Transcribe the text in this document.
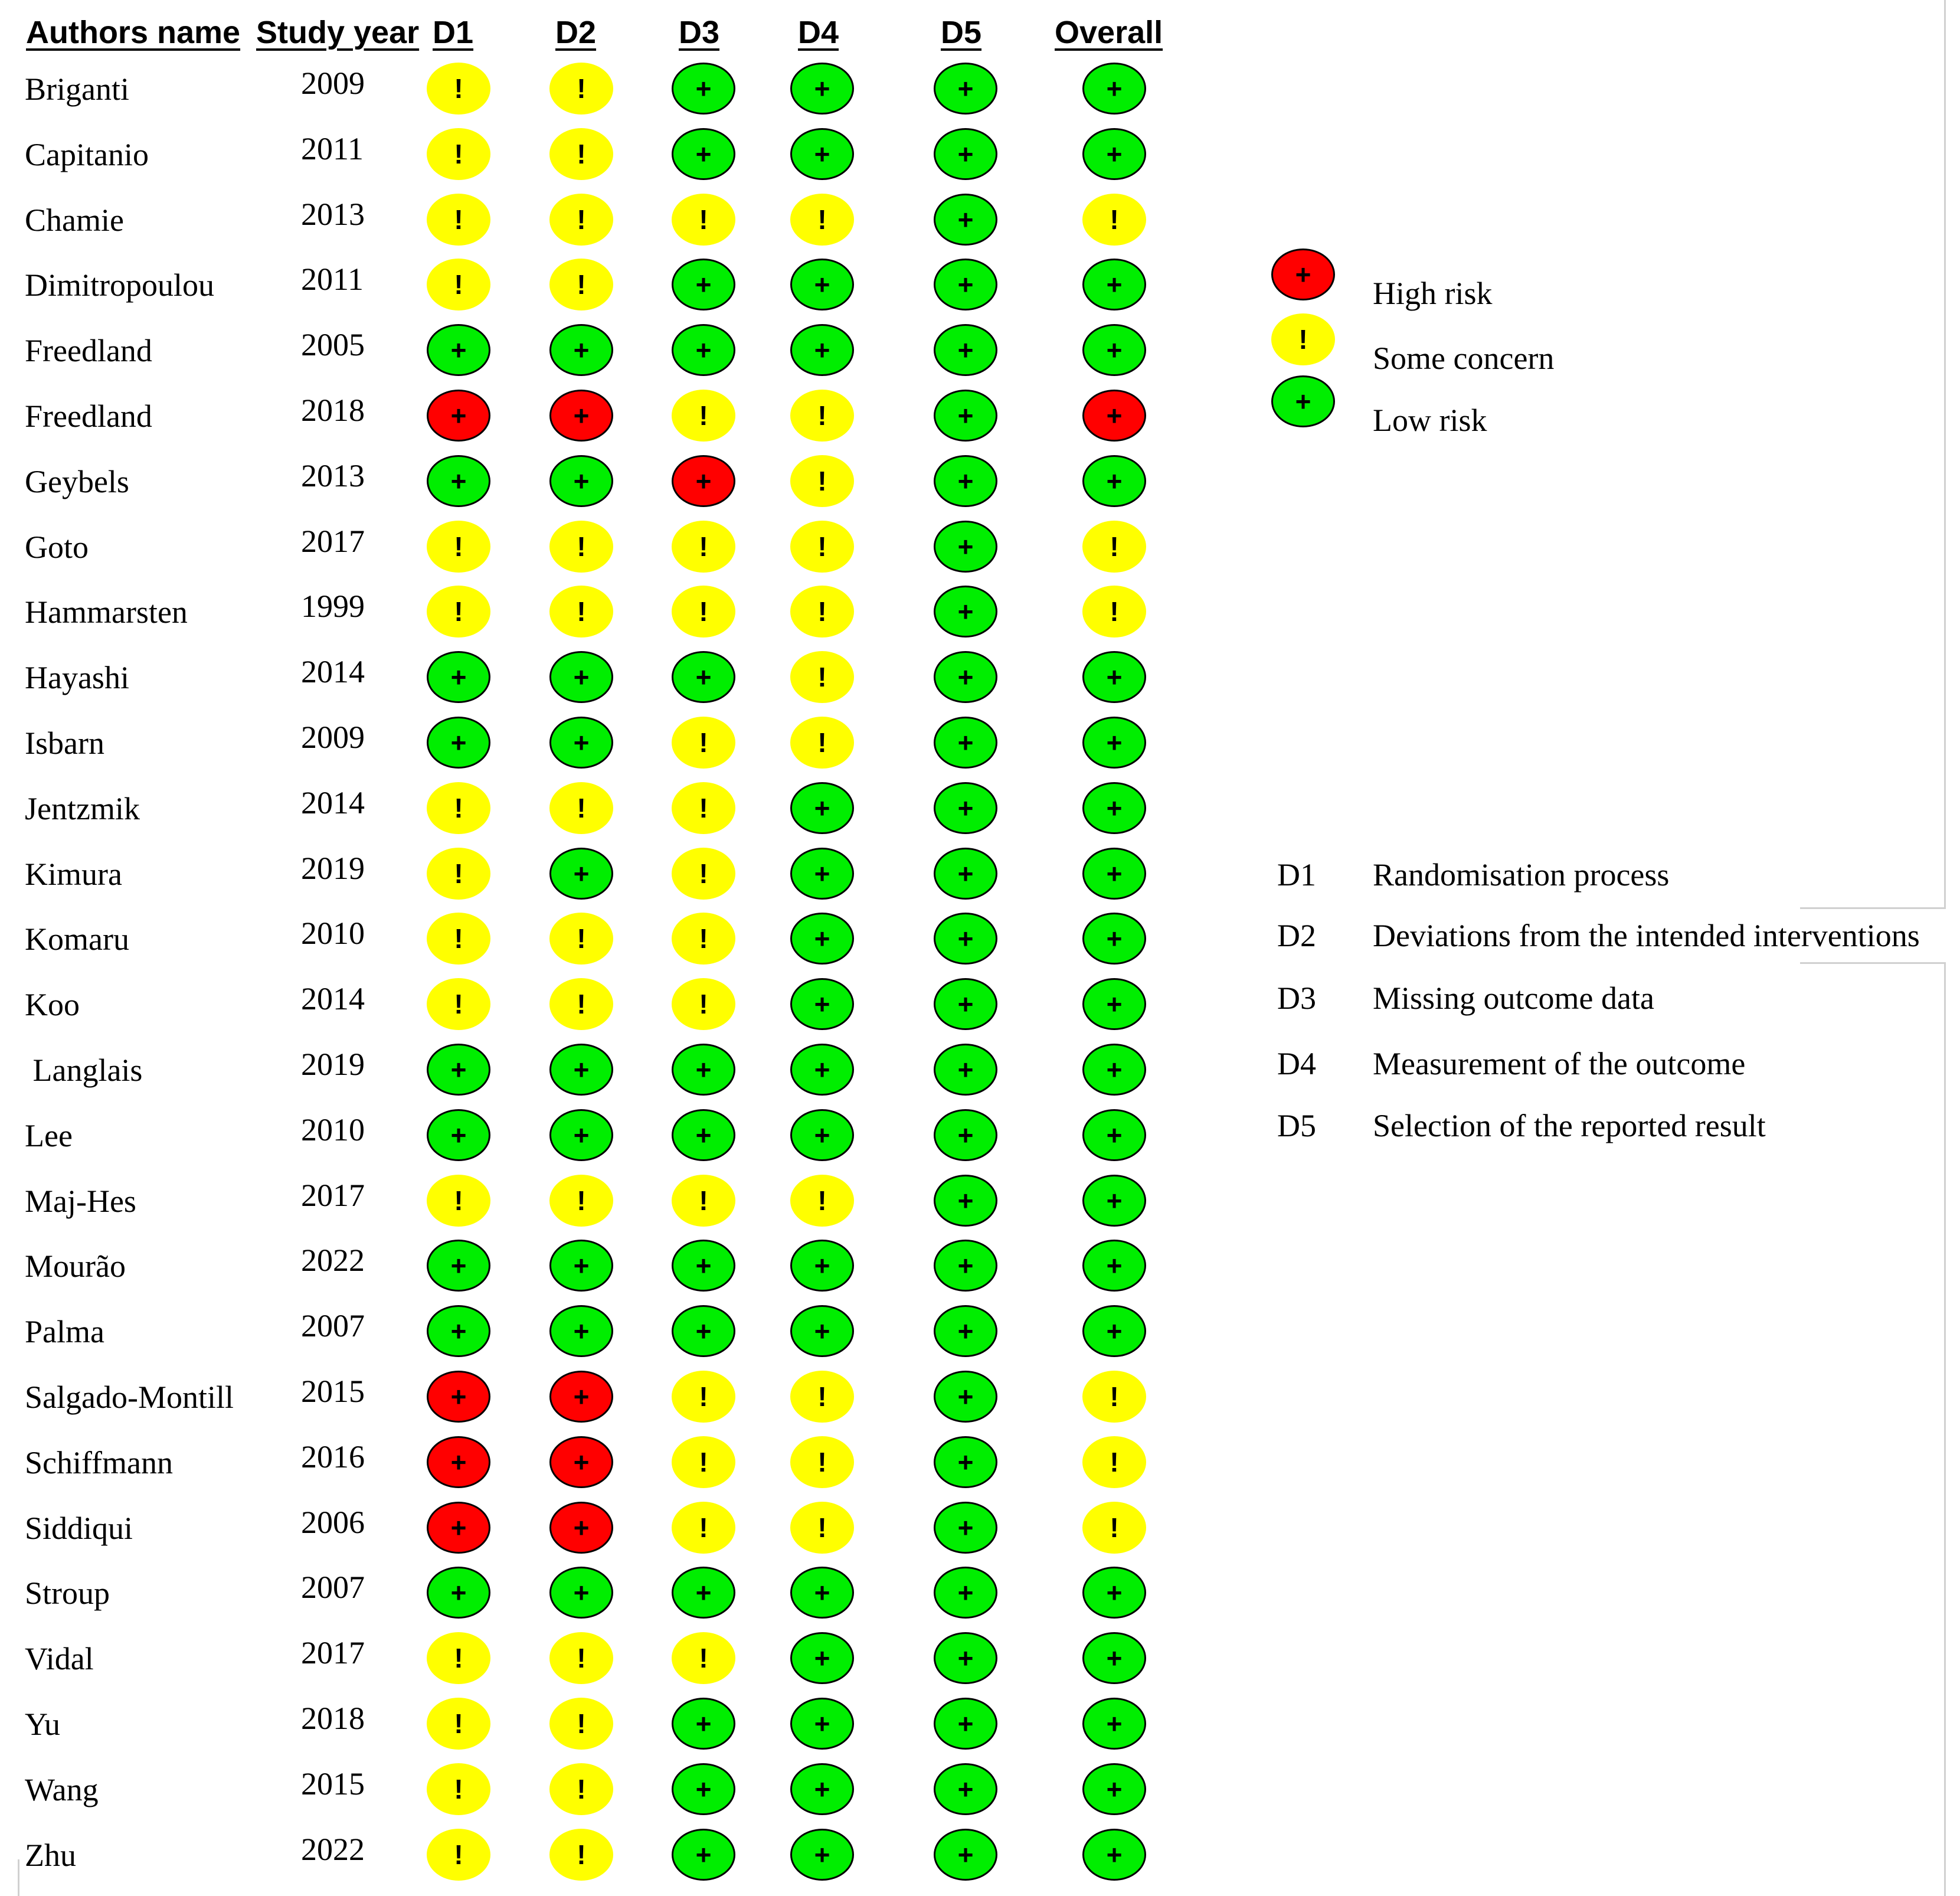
Authors name Study year D1	D2	D3 D4	D5 Overall
Briganti	2009	!	!	+	+	+	+
Capitanio	2011	!	!	+	+	+	+
Chamie	2013	!	!	!	!	+	!
Dimitropoulou	2011	!	!	+	+	+	+
Freedland	2005	+	+	+	+	+	+
Freedland	2018	+	+	!	!	+	+
Geybels	2013	+	+	+	!	+	+
Goto	2017	!	!	!	!	+	!
Hammarsten	1999	!	!	!	!	+	!
Hayashi	2014	+	+	+	!	+	+
Isbarn	2009	+	+	!	!	+	+
Jentzmik	2014	!	!	!	+	+	+
Kimura	2019	!	+	!	+	+	+
Komaru	2010	!	!	!	+	+	+
Koo	2014	!	!	!	+	+	+
Langlais	2019	+	+	+	+	+	+
Lee	2010	+	+	+	+	+	+
Maj-Hes	2017	!	!	!	!	+	+
Mourão	2022	+	+	+	+	+	+
Palma	2007	+	+	+	+	+	+
Salgado-Montill 2015	+	+	!	!	+	!
Schiffmann	2016	+	+	!	!	+	!
Siddiqui	2006	+	+	!	!	+	!
Stroup	2007	+	+	+	+	+	+
Vidal	2017	!	!	!	+	+	+
Yu	2018	!	!	+	+	+	+
Wang	2015	!	!	+	+	+	+
Zhu	2022	!	!	+	+	+	+
+
High risk
!
Some concern
+
Low risk
D1 Randomisation process
D2 Deviations from the intended interventions
D3 Missing outcome data
D4 Measurement of the outcome
D5 Selection of the reported result
